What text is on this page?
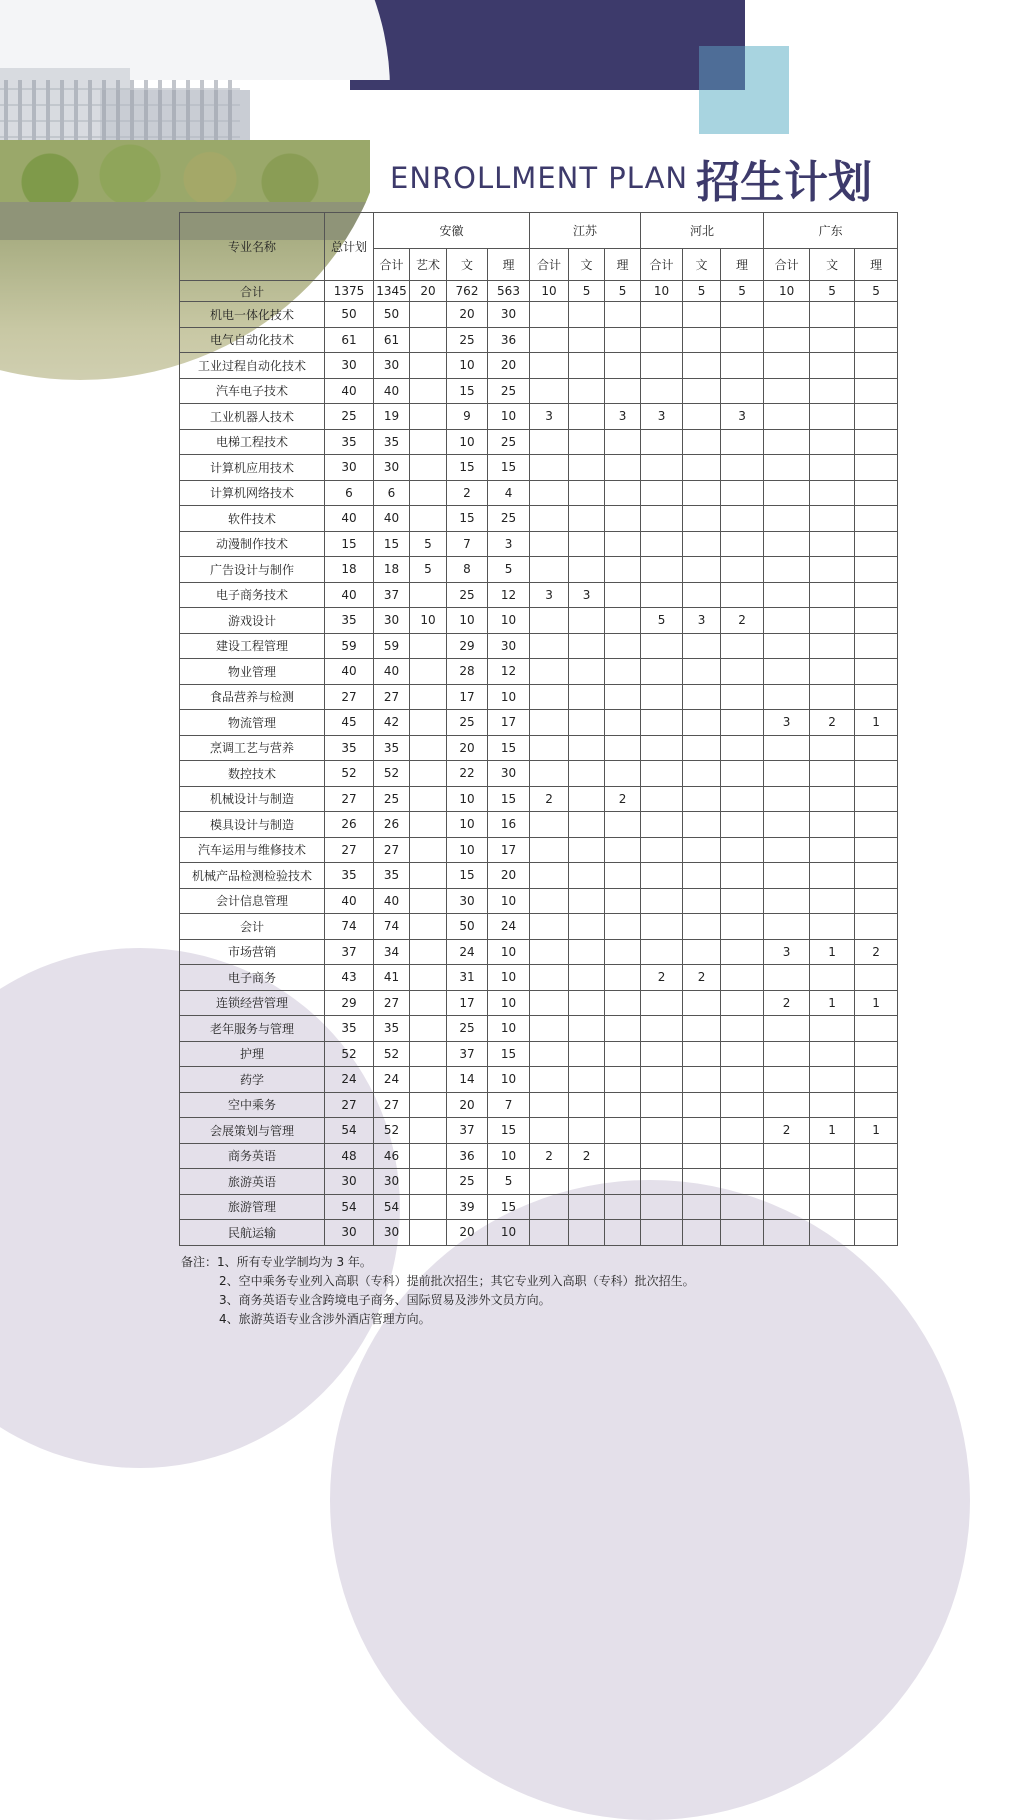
ENROLLMENT PLAN 招生计划
专业名称	总计划	安徽				江苏			河北			广东		
		合计	艺术	文	理	合计	文	理	合计	文	理	合计	文	理
合计	1375	1345	20	762	563	10	5	5	10	5	5	10	5	5
机电一体化技术	50	50		20	30									
电气自动化技术	61	61		25	36									
工业过程自动化技术	30	30		10	20									
汽车电子技术	40	40		15	25									
工业机器人技术	25	19		9	10	3		3	3		3			
电梯工程技术	35	35		10	25									
计算机应用技术	30	30		15	15									
计算机网络技术	6	6		2	4									
软件技术	40	40		15	25									
动漫制作技术	15	15	5	7	3									
广告设计与制作	18	18	5	8	5									
电子商务技术	40	37		25	12	3	3							
游戏设计	35	30	10	10	10				5	3	2			
建设工程管理	59	59		29	30									
物业管理	40	40		28	12									
食品营养与检测	27	27		17	10									
物流管理	45	42		25	17							3	2	1
烹调工艺与营养	35	35		20	15									
数控技术	52	52		22	30									
机械设计与制造	27	25		10	15	2		2						
模具设计与制造	26	26		10	16									
汽车运用与维修技术	27	27		10	17									
机械产品检测检验技术	35	35		15	20									
会计信息管理	40	40		30	10									
会计	74	74		50	24									
市场营销	37	34		24	10							3	1	2
电子商务	43	41		31	10				2	2				
连锁经营管理	29	27		17	10							2	1	1
老年服务与管理	35	35		25	10									
护理	52	52		37	15									
药学	24	24		14	10									
空中乘务	27	27		20	7									
会展策划与管理	54	52		37	15							2	1	1
商务英语	48	46		36	10	2	2							
旅游英语	30	30		25	5									
旅游管理	54	54		39	15									
民航运输	30	30		20	10									
备注：1、所有专业学制均为 3 年。
2、空中乘务专业列入高职（专科）提前批次招生；其它专业列入高职（专科）批次招生。
3、商务英语专业含跨境电子商务、国际贸易及涉外文员方向。
4、旅游英语专业含涉外酒店管理方向。
